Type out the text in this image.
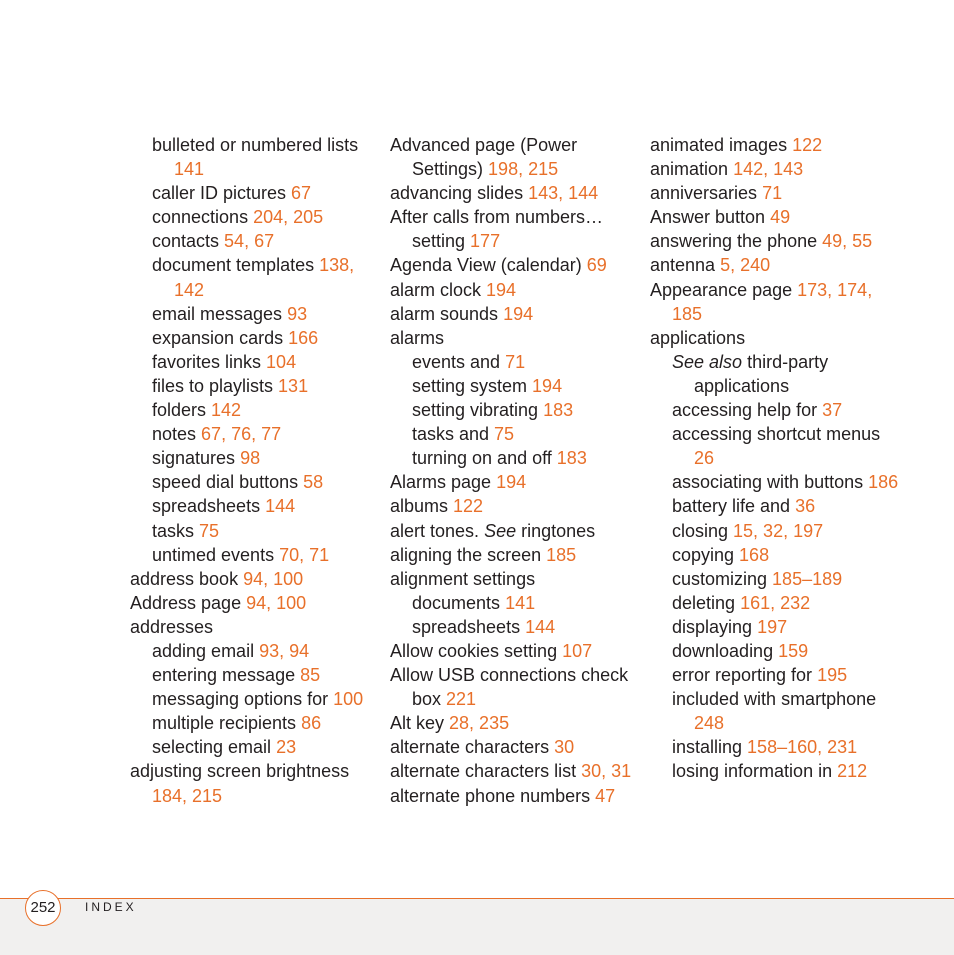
bulleted or numbered lists 141

caller ID pictures 67

connections 204, 205

contacts 54, 67

document templates 138, 142

email messages 93

expansion cards 166

favorites links 104

files to playlists 131

folders 142

notes 67, 76, 77

signatures 98

speed dial buttons 58

spreadsheets 144

tasks 75

untimed events 70, 71

address book 94, 100

Address page 94, 100

addresses

adding email 93, 94

entering message 85

messaging options for 100

multiple recipients 86

selecting email 23

adjusting screen brightness 184, 215

Advanced page (Power Settings) 198, 215

advancing slides 143, 144

After calls from numbers… setting 177

Agenda View (calendar) 69

alarm clock 194

alarm sounds 194

alarms

events and 71

setting system 194

setting vibrating 183

tasks and 75

turning on and off 183

Alarms page 194

albums 122

alert tones. See ringtones

aligning the screen 185

alignment settings

documents 141

spreadsheets 144

Allow cookies setting 107

Allow USB connections check box 221

Alt key 28, 235

alternate characters 30

alternate characters list 30, 31

alternate phone numbers 47

animated images 122

animation 142, 143

anniversaries 71

Answer button 49

answering the phone 49, 55

antenna 5, 240

Appearance page 173, 174, 185

applications

See also third-party applications

accessing help for 37

accessing shortcut menus 26

associating with buttons 186

battery life and 36

closing 15, 32, 197

copying 168

customizing 185–189

deleting 161, 232

displaying 197

downloading 159

error reporting for 195

included with smartphone 248

installing 158–160, 231

losing information in 212

252	INDEX
